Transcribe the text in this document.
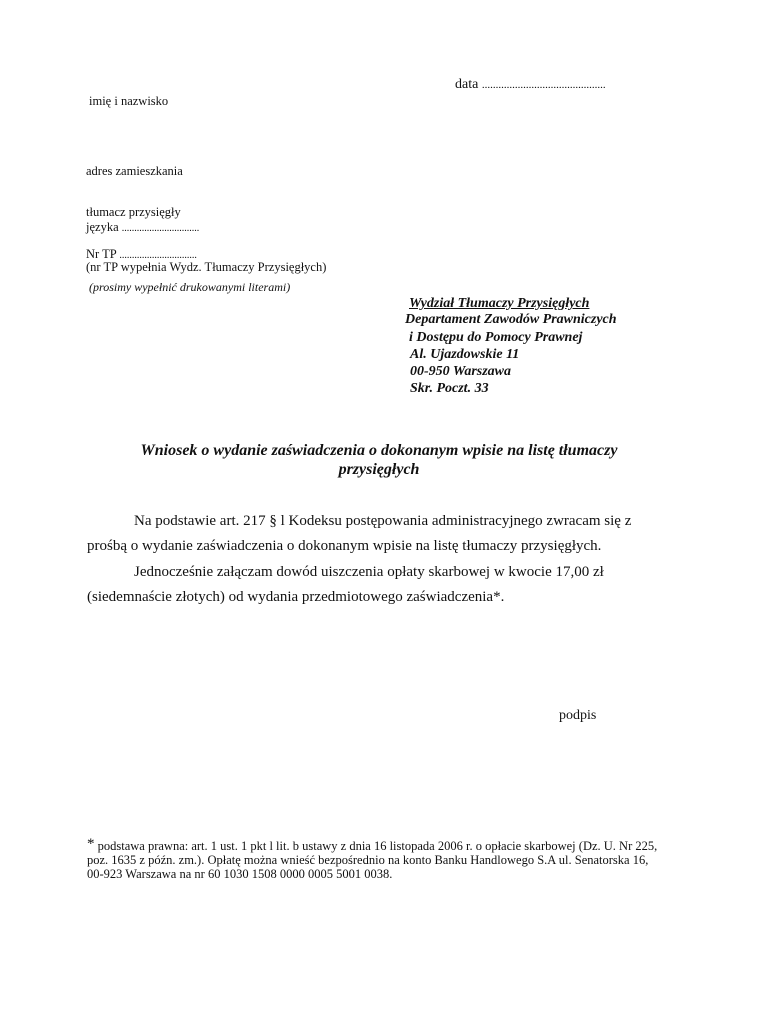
data .............................................
imię i nazwisko
adres zamieszkania
tłumacz przysięgły
języka ...............................
Nr TP ...............................
(nr TP wypełnia Wydz. Tłumaczy Przysięgłych)
(prosimy wypełnić drukowanymi literami)
Wydział Tłumaczy Przysięgłych
Departament Zawodów Prawniczych
i Dostępu do Pomocy Prawnej
Al. Ujazdowskie 11
00-950 Warszawa
Skr. Poczt. 33
Wniosek o wydanie zaświadczenia o dokonanym wpisie na listę tłumaczy
przysięgłych
Na podstawie art. 217 § l Kodeksu postępowania administracyjnego zwracam się z
prośbą o wydanie zaświadczenia o dokonanym wpisie na listę tłumaczy przysięgłych.
Jednocześnie załączam dowód uiszczenia opłaty skarbowej w kwocie 17,00 zł
(siedemnaście złotych) od wydania przedmiotowego zaświadczenia*.
podpis
* podstawa prawna: art. 1 ust. 1 pkt l lit. b ustawy z dnia 16 listopada 2006 r. o opłacie skarbowej (Dz. U. Nr 225,
poz. 1635 z późn. zm.). Opłatę można wnieść bezpośrednio na konto Banku Handlowego S.A ul. Senatorska 16,
00-923 Warszawa na nr 60 1030 1508 0000 0005 5001 0038.
